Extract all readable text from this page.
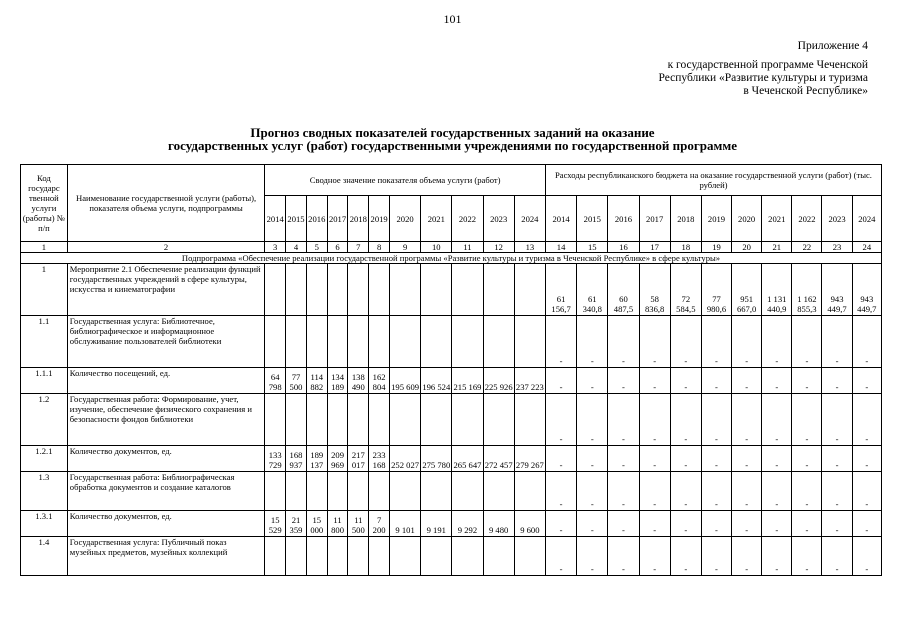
101
Приложение 4
к государственной программе Чеченской
Республики «Развитие культуры и туризма
в Чеченской Республике»
Прогноз сводных показателей государственных заданий на оказание
государственных услуг (работ) государственными учреждениями по государственной программе
Код государс твенной услуги (работы) № п/п	Наименование государственной услуги (работы), показателя объема услуги, подпрограммы	Сводное значение показателя объема услуги (работ)											Расходы республиканского бюджета на оказание государственной услуги (работ) (тыс. рублей)										
		2014	2015	2016	2017	2018	2019	2020	2021	2022	2023	2024	2014	2015	2016	2017	2018	2019	2020	2021	2022	2023	2024
1	2	3	4	5	6	7	8	9	10	11	12	13	14	15	16	17	18	19	20	21	22	23	24
Подпрограмма «Обеспечение реализации государственной программы «Развитие культуры и туризма в Чеченской Республике» в сфере культуры»																							
1	Мероприятие 2.1 Обеспечение реализации функций государственных учреждений в сфере культуры, искусства и кинематографии												61 156,7	61 340,8	60 487,5	58 836,8	72 584,5	77 980,6	951 667,0	1 131 440,9	1 162 855,3	943 449,7	943 449,7
1.1	Государственная услуга: Библиотечное, библиографическое и информационное обслуживание пользователей библиотеки												-	-	-	-	-	-	-	-	-	-	-
1.1.1	Количество посещений, ед.	64 798	77 500	114 882	134 189	138 490	162 804	195 609	196 524	215 169	225 926	237 223	-	-	-	-	-	-	-	-	-	-	-
1.2	Государственная работа: Формирование, учет, изучение, обеспечение физического сохранения и безопасности фондов библиотеки												-	-	-	-	-	-	-	-	-	-	-
1.2.1	Количество документов, ед.	133 729	168 937	189 137	209 969	217 017	233 168	252 027	275 780	265 647	272 457	279 267	-	-	-	-	-	-	-	-	-	-	-
1.3	Государственная работа: Библиографическая обработка документов и создание каталогов												-	-	-	-	-	-	-	-	-	-	-
1.3.1	Количество документов, ед.	15 529	21 359	15 000	11 800	11 500	7 200	9 101	9 191	9 292	9 480	9 600	-	-	-	-	-	-	-	-	-	-	-
1.4	Государственная услуга: Публичный показ музейных предметов, музейных коллекций												-	-	-	-	-	-	-	-	-	-	-
